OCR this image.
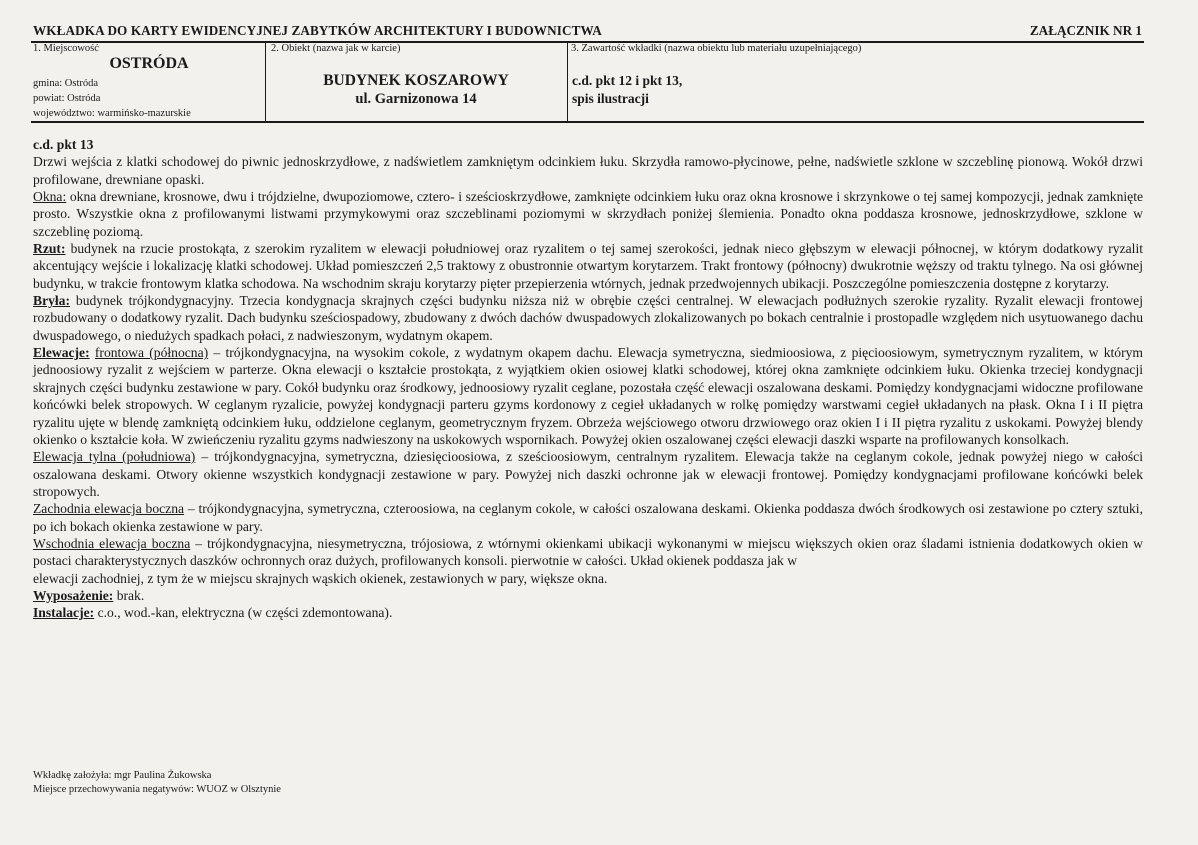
WKŁADKA DO KARTY EWIDENCYJNEJ ZABYTKÓW ARCHITEKTURY I BUDOWNICTWA	ZAŁĄCZNIK NR 1
1. Miejscowość
OSTRÓDA
gmina: Ostróda
powiat: Ostróda
województwo: warmińsko-mazurskie
2. Obiekt (nazwa jak w karcie)
BUDYNEK KOSZAROWY
ul. Garnizonowa 14
3. Zawartość wkładki (nazwa obiektu lub materiału uzupełniającego)
c.d. pkt 12 i pkt 13,
spis ilustracji

c.d. pkt 13

Drzwi wejścia z klatki schodowej do piwnic jednoskrzydłowe, z nadświetlem zamkniętym odcinkiem łuku. Skrzydła ramowo-płycinowe, pełne, nadświetle szklone w szczeblinę pionową. Wokół drzwi profilowane, drewniane opaski.

Okna: okna drewniane, krosnowe, dwu i trójdzielne, dwupoziomowe, cztero- i sześcioskrzydłowe, zamknięte odcinkiem łuku oraz okna krosnowe i skrzynkowe o tej samej kompozycji, jednak zamknięte prosto. Wszystkie okna z profilowanymi listwami przymykowymi oraz szczeblinami poziomymi w skrzydłach poniżej ślemienia. Ponadto okna poddasza krosnowe, jednoskrzydłowe, szklone w szczeblinę poziomą.

Rzut: budynek na rzucie prostokąta, z szerokim ryzalitem w elewacji południowej oraz ryzalitem o tej samej szerokości, jednak nieco głębszym w elewacji północnej, w którym dodatkowy ryzalit akcentujący wejście i lokalizację klatki schodowej. Układ pomieszczeń 2,5 traktowy z obustronnie otwartym korytarzem. Trakt frontowy (północny) dwukrotnie węższy od traktu tylnego. Na osi głównej budynku, w trakcie frontowym klatka schodowa. Na wschodnim skraju korytarzy pięter przepierzenia wtórnych, jednak przedwojennych ubikacji. Poszczególne pomieszczenia dostępne z korytarzy.

Bryła: budynek trójkondygnacyjny. Trzecia kondygnacja skrajnych części budynku niższa niż w obrębie części centralnej. W elewacjach podłużnych szerokie ryzality. Ryzalit elewacji frontowej rozbudowany o dodatkowy ryzalit. Dach budynku sześciospadowy, zbudowany z dwóch dachów dwuspadowych zlokalizowanych po bokach centralnie i prostopadle względem nich usytuowanego dachu dwuspadowego, o niedużych spadkach połaci, z nadwieszonym, wydatnym okapem.

Elewacje: frontowa (północna) – trójkondygnacyjna, na wysokim cokole, z wydatnym okapem dachu. Elewacja symetryczna, siedmioosiowa, z pięcioosiowym, symetrycznym ryzalitem, w którym jednoosiowy ryzalit z wejściem w parterze. Okna elewacji o kształcie prostokąta, z wyjątkiem okien osiowej klatki schodowej, której okna zamknięte odcinkiem łuku. Okienka trzeciej kondygnacji skrajnych części budynku zestawione w pary. Cokół budynku oraz środkowy, jednoosiowy ryzalit ceglane, pozostała część elewacji oszalowana deskami. Pomiędzy kondygnacjami widoczne profilowane końcówki belek stropowych. W ceglanym ryzalicie, powyżej kondygnacji parteru gzyms kordonowy z cegieł układanych w rolkę pomiędzy warstwami cegieł układanych na płask. Okna I i II piętra ryzalitu ujęte w blendę zamkniętą odcinkiem łuku, oddzielone ceglanym, geometrycznym fryzem. Obrzeża wejściowego otworu drzwiowego oraz okien I i II piętra ryzalitu z uskokami. Powyżej blendy okienko o kształcie koła. W zwieńczeniu ryzalitu gzyms nadwieszony na uskokowych wspornikach. Powyżej okien oszalowanej części elewacji daszki wsparte na profilowanych konsolkach.

Elewacja tylna (południowa) – trójkondygnacyjna, symetryczna, dziesięcioosiowa, z sześcioosiowym, centralnym ryzalitem. Elewacja także na ceglanym cokole, jednak powyżej niego w całości oszalowana deskami. Otwory okienne wszystkich kondygnacji zestawione w pary. Powyżej nich daszki ochronne jak w elewacji frontowej. Pomiędzy kondygnacjami profilowane końcówki belek stropowych.

Zachodnia elewacja boczna – trójkondygnacyjna, symetryczna, czteroosiowa, na ceglanym cokole, w całości oszalowana deskami. Okienka poddasza dwóch środkowych osi zestawione po cztery sztuki, po ich bokach okienka zestawione w pary.

Wschodnia elewacja boczna – trójkondygnacyjna, niesymetryczna, trójosiowa, z wtórnymi okienkami ubikacji wykonanymi w miejscu większych okien oraz śladami istnienia dodatkowych okien w postaci charakterystycznych daszków ochronnych oraz dużych, profilowanych konsoli. pierwotnie w całości. Układ okienek poddasza jak w

elewacji zachodniej, z tym że w miejscu skrajnych wąskich okienek, zestawionych w pary, większe okna.

Wyposażenie: brak.

Instalacje: c.o., wod.-kan, elektryczna (w części zdemontowana).

Wkładkę założyła: mgr Paulina Żukowska
Miejsce przechowywania negatywów: WUOZ w Olsztynie
